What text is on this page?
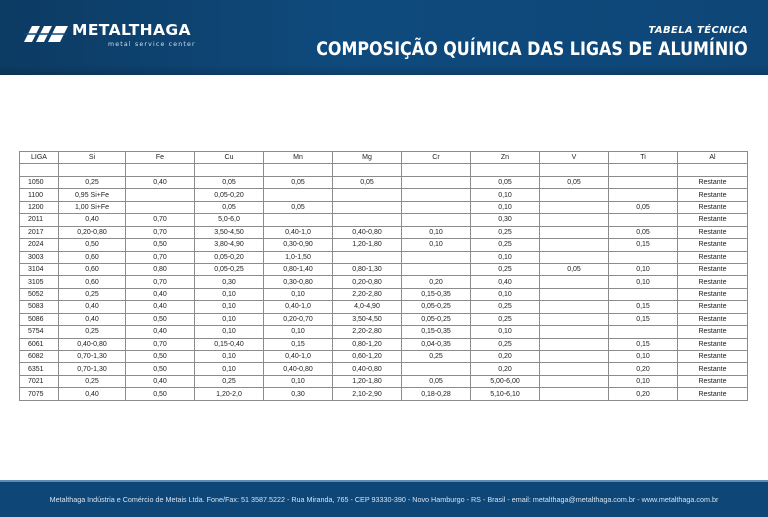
METALTHAGA
metal service center
TABELA TÉCNICA
COMPOSIÇÃO QUÍMICA DAS LIGAS DE ALUMÍNIO
LIGA	Si	Fe	Cu	Mn	Mg	Cr	Zn	V	Ti	Al

1050	0,25	0,40	0,05	0,05	0,05		0,05	0,05		Restante
1100	0,95 Si+Fe		0,05-0,20				0,10			Restante
1200	1,00 Si+Fe		0,05	0,05			0,10		0,05	Restante
2011	0,40	0,70	5,0-6,0				0,30			Restante
2017	0,20-0,80	0,70	3,50-4,50	0,40-1,0	0,40-0,80	0,10	0,25		0,05	Restante
2024	0,50	0,50	3,80-4,90	0,30-0,90	1,20-1,80	0,10	0,25		0,15	Restante
3003	0,60	0,70	0,05-0,20	1,0-1,50			0,10			Restante
3104	0,60	0,80	0,05-0,25	0,80-1,40	0,80-1,30		0,25	0,05	0,10	Restante
3105	0,60	0,70	0,30	0,30-0,80	0,20-0,80	0,20	0,40		0,10	Restante
5052	0,25	0,40	0,10	0,10	2,20-2,80	0,15-0,35	0,10			Restante
5083	0,40	0,40	0,10	0,40-1,0	4,0-4,90	0,05-0,25	0,25		0,15	Restante
5086	0,40	0,50	0,10	0,20-0,70	3,50-4,50	0,05-0,25	0,25		0,15	Restante
5754	0,25	0,40	0,10	0,10	2,20-2,80	0,15-0,35	0,10			Restante
6061	0,40-0,80	0,70	0,15-0,40	0,15	0,80-1,20	0,04-0,35	0,25		0,15	Restante
6082	0,70-1,30	0,50	0,10	0,40-1,0	0,60-1,20	0,25	0,20		0,10	Restante
6351	0,70-1,30	0,50	0,10	0,40-0,80	0,40-0,80		0,20		0,20	Restante
7021	0,25	0,40	0,25	0,10	1,20-1,80	0,05	5,00-6,00		0,10	Restante
7075	0,40	0,50	1,20-2,0	0,30	2,10-2,90	0,18-0,28	5,10-6,10		0,20	Restante
Metalthaga Indústria e Comércio de Metais Ltda. Fone/Fax: 51 3587.5222 - Rua Miranda, 765 - CEP 93330-390 - Novo Hamburgo - RS - Brasil - email: metalthaga@metalthaga.com.br - www.metalthaga.com.br
